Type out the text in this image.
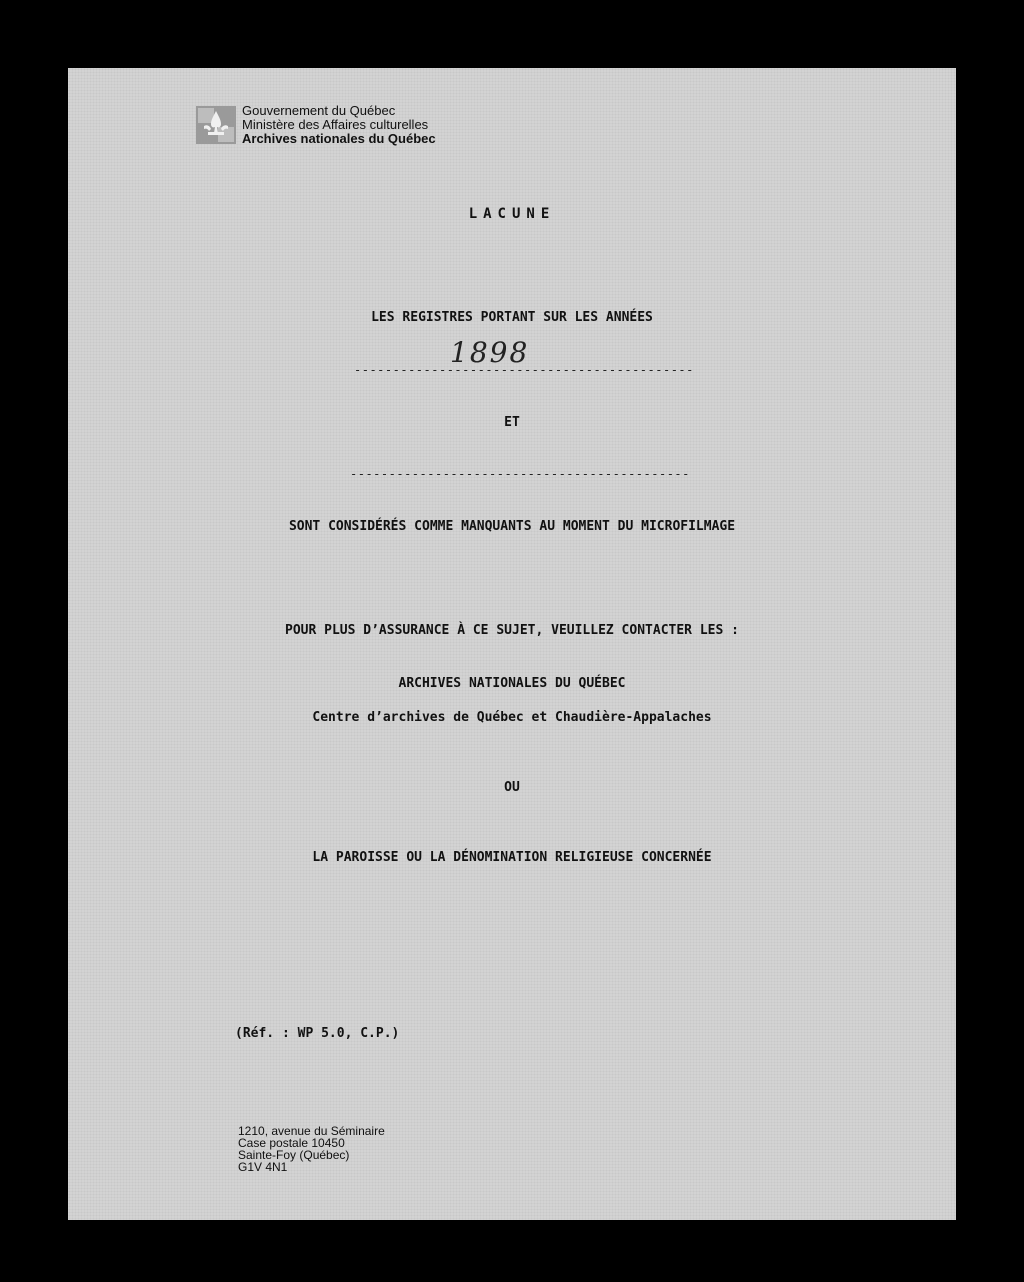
Gouvernement du Québec
Ministère des Affaires culturelles
Archives nationales du Québec
LACUNE
LES REGISTRES PORTANT SUR LES ANNÉES
1898
--------------------------------------------
ET
--------------------------------------------
SONT CONSIDÉRÉS COMME MANQUANTS AU MOMENT DU MICROFILMAGE
POUR PLUS D’ASSURANCE À CE SUJET, VEUILLEZ CONTACTER LES :
ARCHIVES NATIONALES DU QUÉBEC
Centre d’archives de Québec et Chaudière-Appalaches
OU
LA PAROISSE OU LA DÉNOMINATION RELIGIEUSE CONCERNÉE
(Réf. : WP 5.0, C.P.)
1210, avenue du Séminaire
Case postale 10450
Sainte-Foy (Québec)
G1V 4N1
